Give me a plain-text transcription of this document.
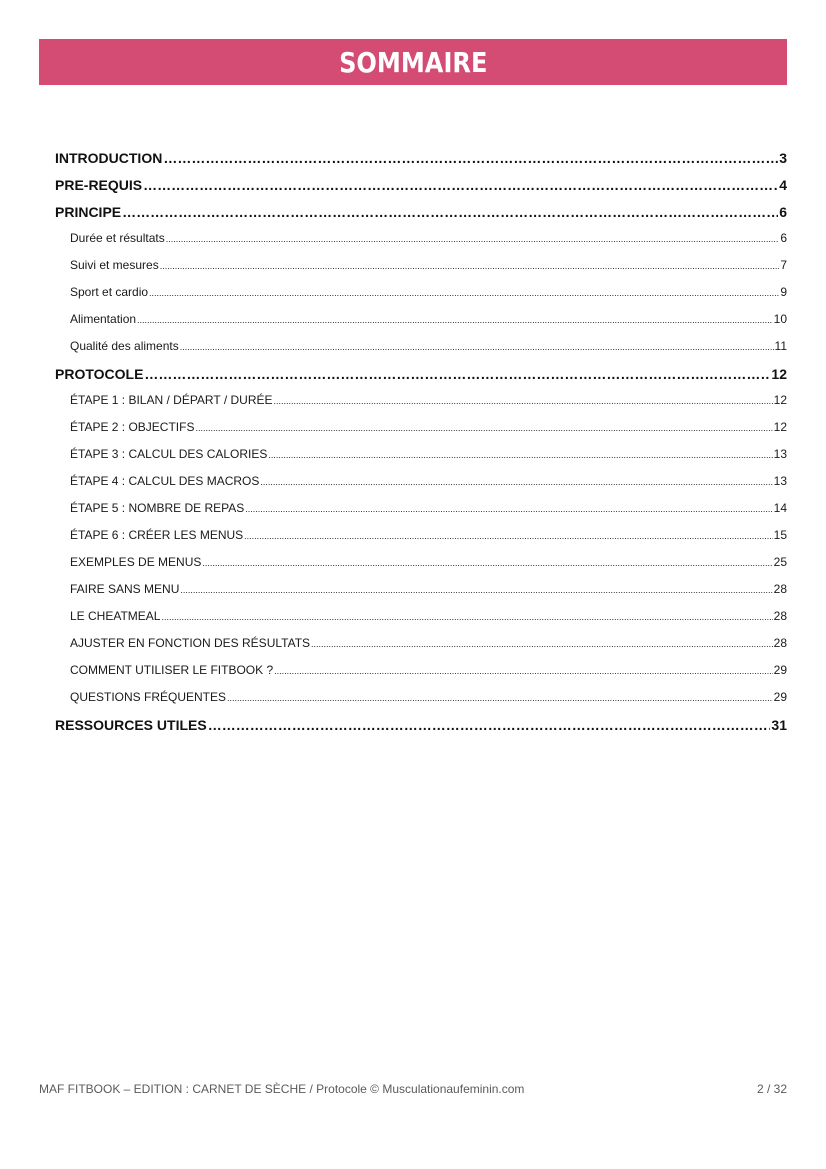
SOMMAIRE
INTRODUCTION …………………………………………………………………………………………………………………………………………………………………………………………………………………………………………	3
PRE-REQUIS …………………………………………………………………………………………………………………………………………………………………………………………………………………………………………	4
PRINCIPE …………………………………………………………………………………………………………………………………………………………………………………………………………………………………………	6
Durée et résultats .....	6
Suivi et mesures .....	7
Sport et cardio .....	9
Alimentation .....	10
Qualité des aliments .....	11
PROTOCOLE …………………………………………………………………………………………………………………………………………………………………………………………………………………………………………	12
ÉTAPE 1 : BILAN / DÉPART / DURÉE .....	12
ÉTAPE 2 : OBJECTIFS .....	12
ÉTAPE 3 : CALCUL DES CALORIES .....	13
ÉTAPE 4 : CALCUL DES MACROS .....	13
ÉTAPE 5 : NOMBRE DE REPAS .....	14
ÉTAPE 6 : CRÉER LES MENUS .....	15
EXEMPLES DE MENUS .....	25
FAIRE SANS MENU .....	28
LE CHEATMEAL .....	28
AJUSTER EN FONCTION DES RÉSULTATS .....	28
COMMENT UTILISER LE FITBOOK ? .....	29
QUESTIONS FRÉQUENTES .....	29
RESSOURCES UTILES …………………………………………………………………………………………………………………………………………………………………………………………………………………………………………	31
MAF FITBOOK – EDITION : CARNET DE SÈCHE / Protocole © Musculationaufeminin.com	2 / 32
